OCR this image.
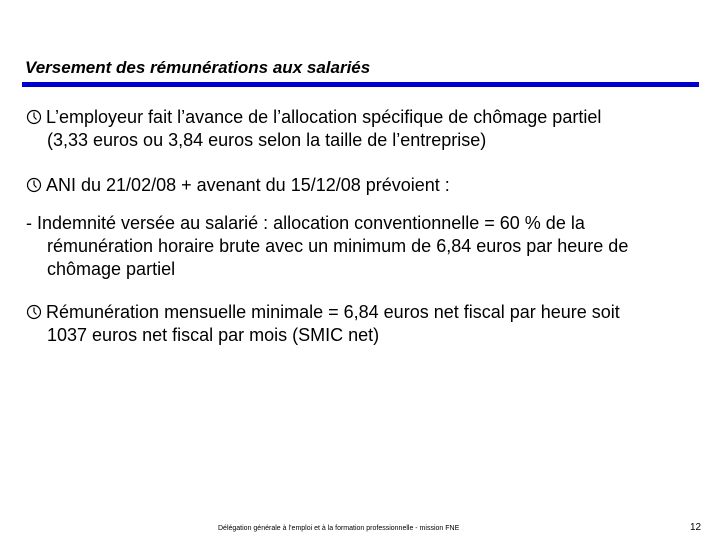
Versement des rémunérations aux salariés
L’employeur fait l’avance de l’allocation spécifique de chômage partiel
(3,33 euros ou 3,84 euros selon la taille de l’entreprise)
ANI du 21/02/08 + avenant du 15/12/08 prévoient :
- Indemnité versée au salarié : allocation conventionnelle = 60 % de la
rémunération horaire brute avec un minimum de 6,84 euros par heure de
chômage partiel
Rémunération mensuelle minimale = 6,84 euros net fiscal par heure soit
1037 euros net fiscal par mois (SMIC net)
Délégation générale à l’emploi et à la formation professionnelle - mission FNE	12
